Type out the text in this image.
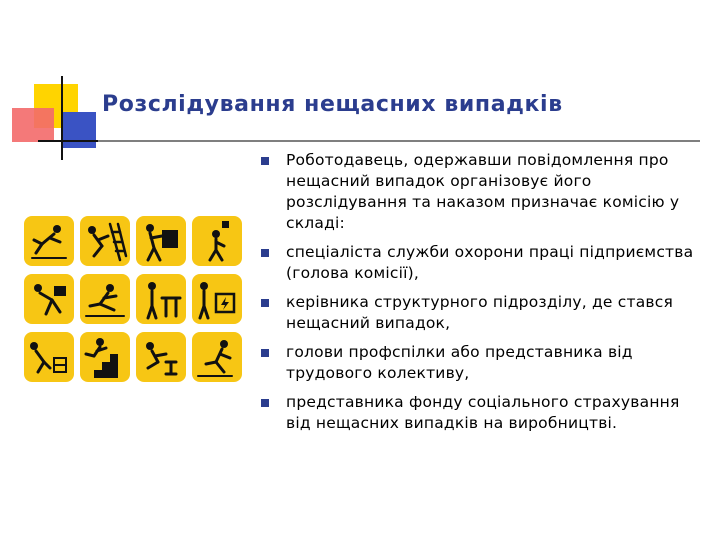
Розслідування нещасних випадків
Роботодавець, одержавши повідомлення про нещасний випадок організовує його розслідування та наказом призначає комісію у складі:
спеціаліста служби охорони праці підприємства (голова комісії),
керівника структурного підрозділу, де стався нещасний випадок,
голови профспілки або представника від трудового колективу,
представника фонду соціального страхування від нещасних випадків на виробництві.
